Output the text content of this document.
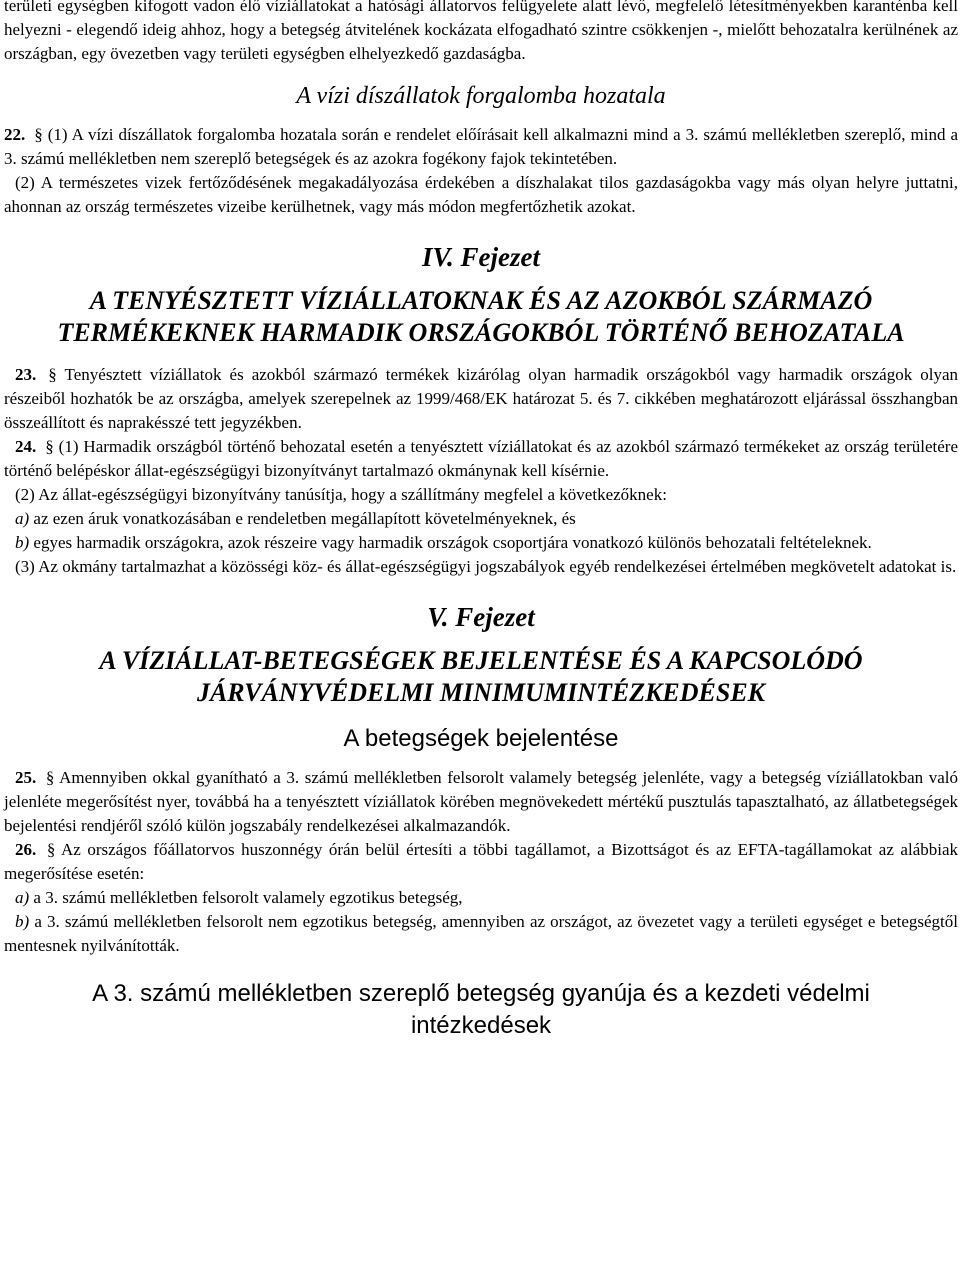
területi egységben kifogott vadon élő víziállatokat a hatósági állatorvos felügyelete alatt lévő, megfelelő létesítményekben karanténba kell helyezni - elegendő ideig ahhoz, hogy a betegség átvitelének kockázata elfogadható szintre csökkenjen -, mielőtt behozatalra kerülnének az országban, egy övezetben vagy területi egységben elhelyezkedő gazdaságba.

A vízi díszállatok forgalomba hozatala

22. § (1) A vízi díszállatok forgalomba hozatala során e rendelet előírásait kell alkalmazni mind a 3. számú mellékletben szereplő, mind a 3. számú mellékletben nem szereplő betegségek és az azokra fogékony fajok tekintetében.

(2) A természetes vizek fertőződésének megakadályozása érdekében a díszhalakat tilos gazdaságokba vagy más olyan helyre juttatni, ahonnan az ország természetes vizeibe kerülhetnek, vagy más módon megfertőzhetik azokat.

IV. Fejezet
A TENYÉSZTETT VÍZIÁLLATOKNAK ÉS AZ AZOKBÓL SZÁRMAZÓ
TERMÉKEKNEK HARMADIK ORSZÁGOKBÓL TÖRTÉNŐ BEHOZATALA

23. § Tenyésztett víziállatok és azokból származó termékek kizárólag olyan harmadik országokból vagy harmadik országok olyan részeiből hozhatók be az országba, amelyek szerepelnek az 1999/468/EK határozat 5. és 7. cikkében meghatározott eljárással összhangban összeállított és naprakésszé tett jegyzékben.

24. § (1) Harmadik országból történő behozatal esetén a tenyésztett víziállatokat és az azokból származó termékeket az ország területére történő belépéskor állat-egészségügyi bizonyítványt tartalmazó okmánynak kell kísérnie.

(2) Az állat-egészségügyi bizonyítvány tanúsítja, hogy a szállítmány megfelel a következőknek:

a) az ezen áruk vonatkozásában e rendeletben megállapított követelményeknek, és

b) egyes harmadik országokra, azok részeire vagy harmadik országok csoportjára vonatkozó különös behozatali feltételeknek.

(3) Az okmány tartalmazhat a közösségi köz- és állat-egészségügyi jogszabályok egyéb rendelkezései értelmében megkövetelt adatokat is.

V. Fejezet
A VÍZIÁLLAT-BETEGSÉGEK BEJELENTÉSE ÉS A KAPCSOLÓDÓ
JÁRVÁNYVÉDELMI MINIMUMINTÉZKEDÉSEK
A betegségek bejelentése

25. § Amennyiben okkal gyanítható a 3. számú mellékletben felsorolt valamely betegség jelenléte, vagy a betegség víziállatokban való jelenléte megerősítést nyer, továbbá ha a tenyésztett víziállatok körében megnövekedett mértékű pusztulás tapasztalható, az állatbetegségek bejelentési rendjéről szóló külön jogszabály rendelkezései alkalmazandók.

26. § Az országos főállatorvos huszonnégy órán belül értesíti a többi tagállamot, a Bizottságot és az EFTA-tagállamokat az alábbiak megerősítése esetén:

a) a 3. számú mellékletben felsorolt valamely egzotikus betegség,

b) a 3. számú mellékletben felsorolt nem egzotikus betegség, amennyiben az országot, az övezetet vagy a területi egységet e betegségtől mentesnek nyilvánították.

A 3. számú mellékletben szereplő betegség gyanúja és a kezdeti védelmi
intézkedések
